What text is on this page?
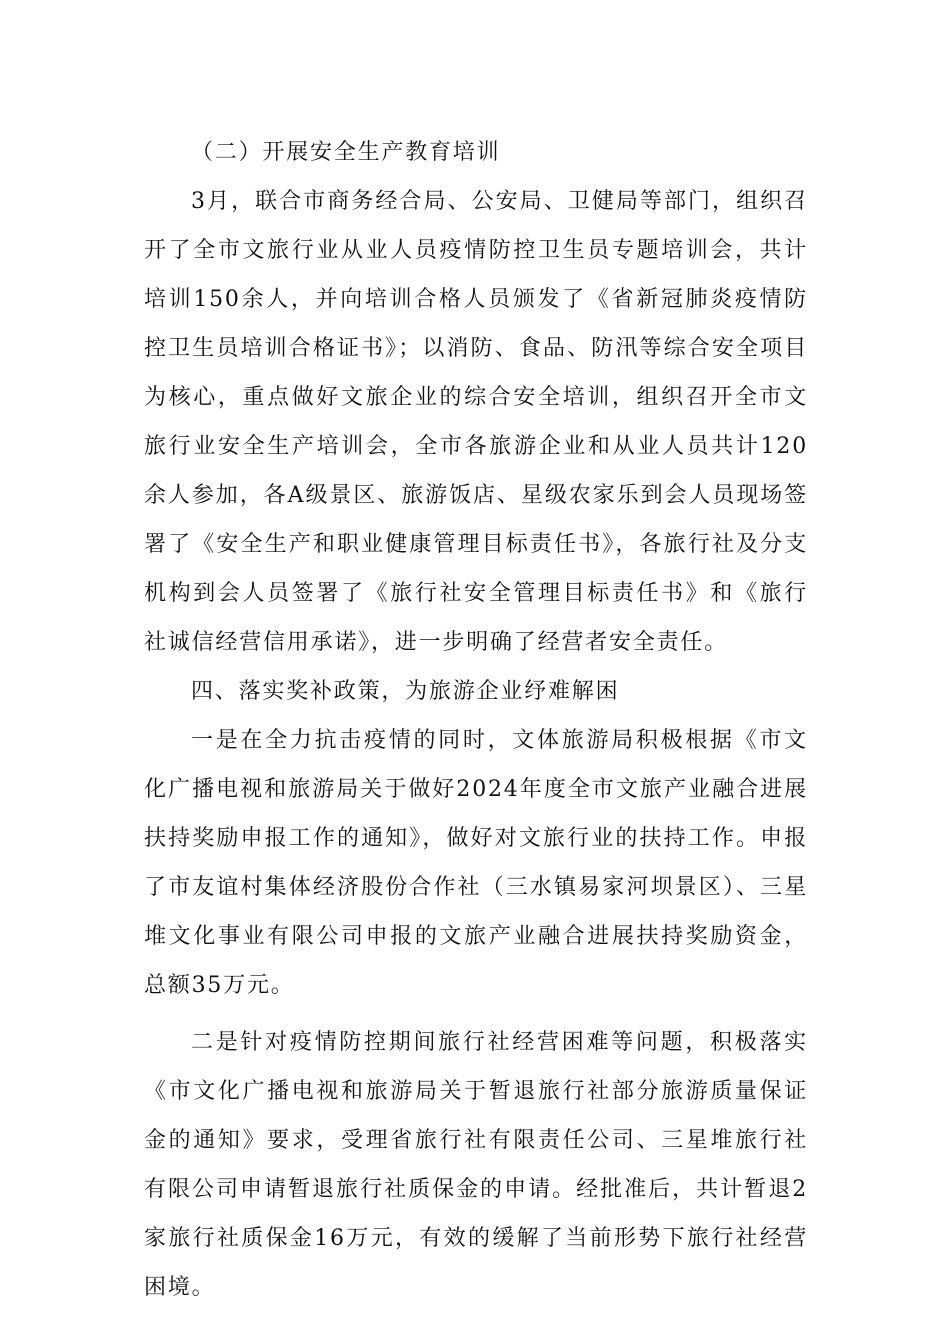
（二）开展安全生产教育培训

3月，联合市商务经合局、公安局、卫健局等部门，组织召开了全市文旅行业从业人员疫情防控卫生员专题培训会，共计培训150余人，并向培训合格人员颁发了《省新冠肺炎疫情防控卫生员培训合格证书》；以消防、食品、防汛等综合安全项目为核心，重点做好文旅企业的综合安全培训，组织召开全市文旅行业安全生产培训会，全市各旅游企业和从业人员共计120余人参加，各A级景区、旅游饭店、星级农家乐到会人员现场签署了《安全生产和职业健康管理目标责任书》，各旅行社及分支机构到会人员签署了《旅行社安全管理目标责任书》和《旅行社诚信经营信用承诺》，进一步明确了经营者安全责任。

四、落实奖补政策，为旅游企业纾难解困

一是在全力抗击疫情的同时，文体旅游局积极根据《市文化广播电视和旅游局关于做好2024年度全市文旅产业融合进展扶持奖励申报工作的通知》，做好对文旅行业的扶持工作。申报了市友谊村集体经济股份合作社（三水镇易家河坝景区）、三星堆文化事业有限公司申报的文旅产业融合进展扶持奖励资金，总额35万元。

二是针对疫情防控期间旅行社经营困难等问题，积极落实《市文化广播电视和旅游局关于暂退旅行社部分旅游质量保证金的通知》要求，受理省旅行社有限责任公司、三星堆旅行社有限公司申请暂退旅行社质保金的申请。经批准后，共计暂退2家旅行社质保金16万元，有效的缓解了当前形势下旅行社经营困境。
